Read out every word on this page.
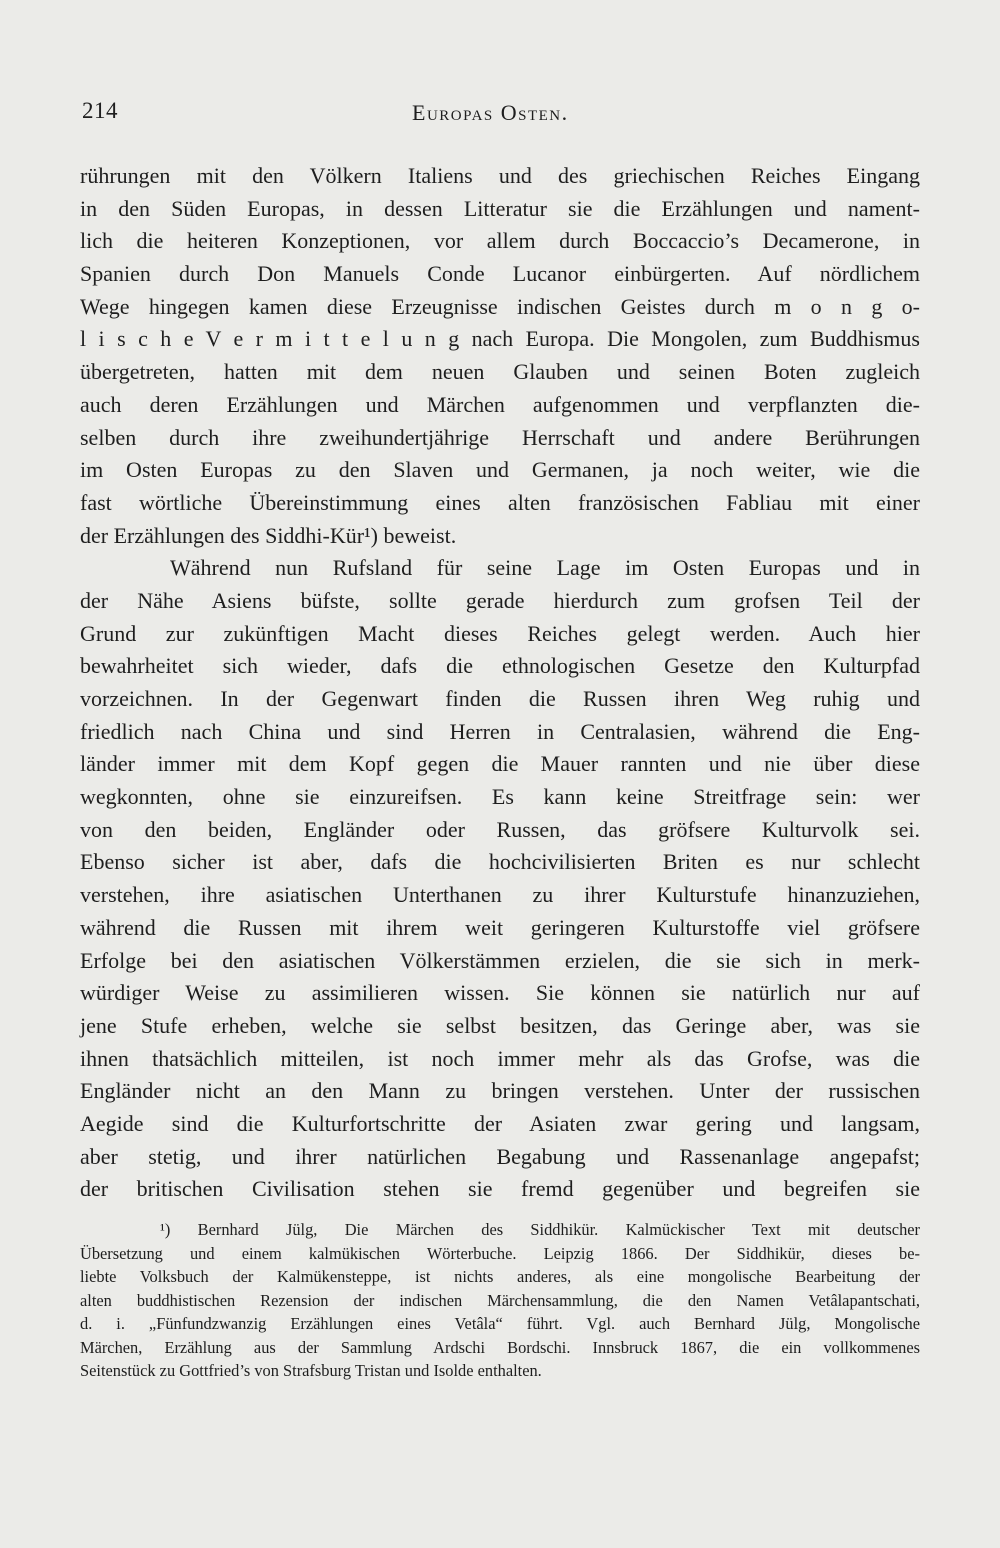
214	Europas Osten.
rührungen mit den Völkern Italiens und des griechischen Reiches Eingang
in den Süden Europas, in dessen Litteratur sie die Erzählungen und nament-
lich die heiteren Konzeptionen, vor allem durch Boccaccio’s Decamerone, in
Spanien durch Don Manuels Conde Lucanor einbürgerten. Auf nördlichem
Wege hingegen kamen diese Erzeugnisse indischen Geistes durch m o n g o-
l i s c h e V e r m i t t e l u n g nach Europa. Die Mongolen, zum Buddhismus
übergetreten, hatten mit dem neuen Glauben und seinen Boten zugleich
auch deren Erzählungen und Märchen aufgenommen und verpflanzten die-
selben durch ihre zweihundertjährige Herrschaft und andere Berührungen
im Osten Europas zu den Slaven und Germanen, ja noch weiter, wie die
fast wörtliche Übereinstimmung eines alten französischen Fabliau mit einer
der Erzählungen des Siddhi-Kür¹) beweist.
Während nun Rufsland für seine Lage im Osten Europas und in
der Nähe Asiens büfste, sollte gerade hierdurch zum grofsen Teil der
Grund zur zukünftigen Macht dieses Reiches gelegt werden. Auch hier
bewahrheitet sich wieder, dafs die ethnologischen Gesetze den Kulturpfad
vorzeichnen. In der Gegenwart finden die Russen ihren Weg ruhig und
friedlich nach China und sind Herren in Centralasien, während die Eng-
länder immer mit dem Kopf gegen die Mauer rannten und nie über diese
wegkonnten, ohne sie einzureifsen. Es kann keine Streitfrage sein: wer
von den beiden, Engländer oder Russen, das gröfsere Kulturvolk sei.
Ebenso sicher ist aber, dafs die hochcivilisierten Briten es nur schlecht
verstehen, ihre asiatischen Unterthanen zu ihrer Kulturstufe hinanzuziehen,
während die Russen mit ihrem weit geringeren Kulturstoffe viel gröfsere
Erfolge bei den asiatischen Völkerstämmen erzielen, die sie sich in merk-
würdiger Weise zu assimilieren wissen. Sie können sie natürlich nur auf
jene Stufe erheben, welche sie selbst besitzen, das Geringe aber, was sie
ihnen thatsächlich mitteilen, ist noch immer mehr als das Grofse, was die
Engländer nicht an den Mann zu bringen verstehen. Unter der russischen
Aegide sind die Kulturfortschritte der Asiaten zwar gering und langsam,
aber stetig, und ihrer natürlichen Begabung und Rassenanlage angepafst;
der britischen Civilisation stehen sie fremd gegenüber und begreifen sie
¹) Bernhard Jülg, Die Märchen des Siddhikür. Kalmückischer Text mit deutscher
Übersetzung und einem kalmükischen Wörterbuche. Leipzig 1866. Der Siddhikür, dieses be-
liebte Volksbuch der Kalmükensteppe, ist nichts anderes, als eine mongolische Bearbeitung der
alten buddhistischen Rezension der indischen Märchensammlung, die den Namen Vetâlapantschati,
d. i. „Fünfundzwanzig Erzählungen eines Vetâla“ führt. Vgl. auch Bernhard Jülg, Mongolische
Märchen, Erzählung aus der Sammlung Ardschi Bordschi. Innsbruck 1867, die ein vollkommenes
Seitenstück zu Gottfried’s von Strafsburg Tristan und Isolde enthalten.
